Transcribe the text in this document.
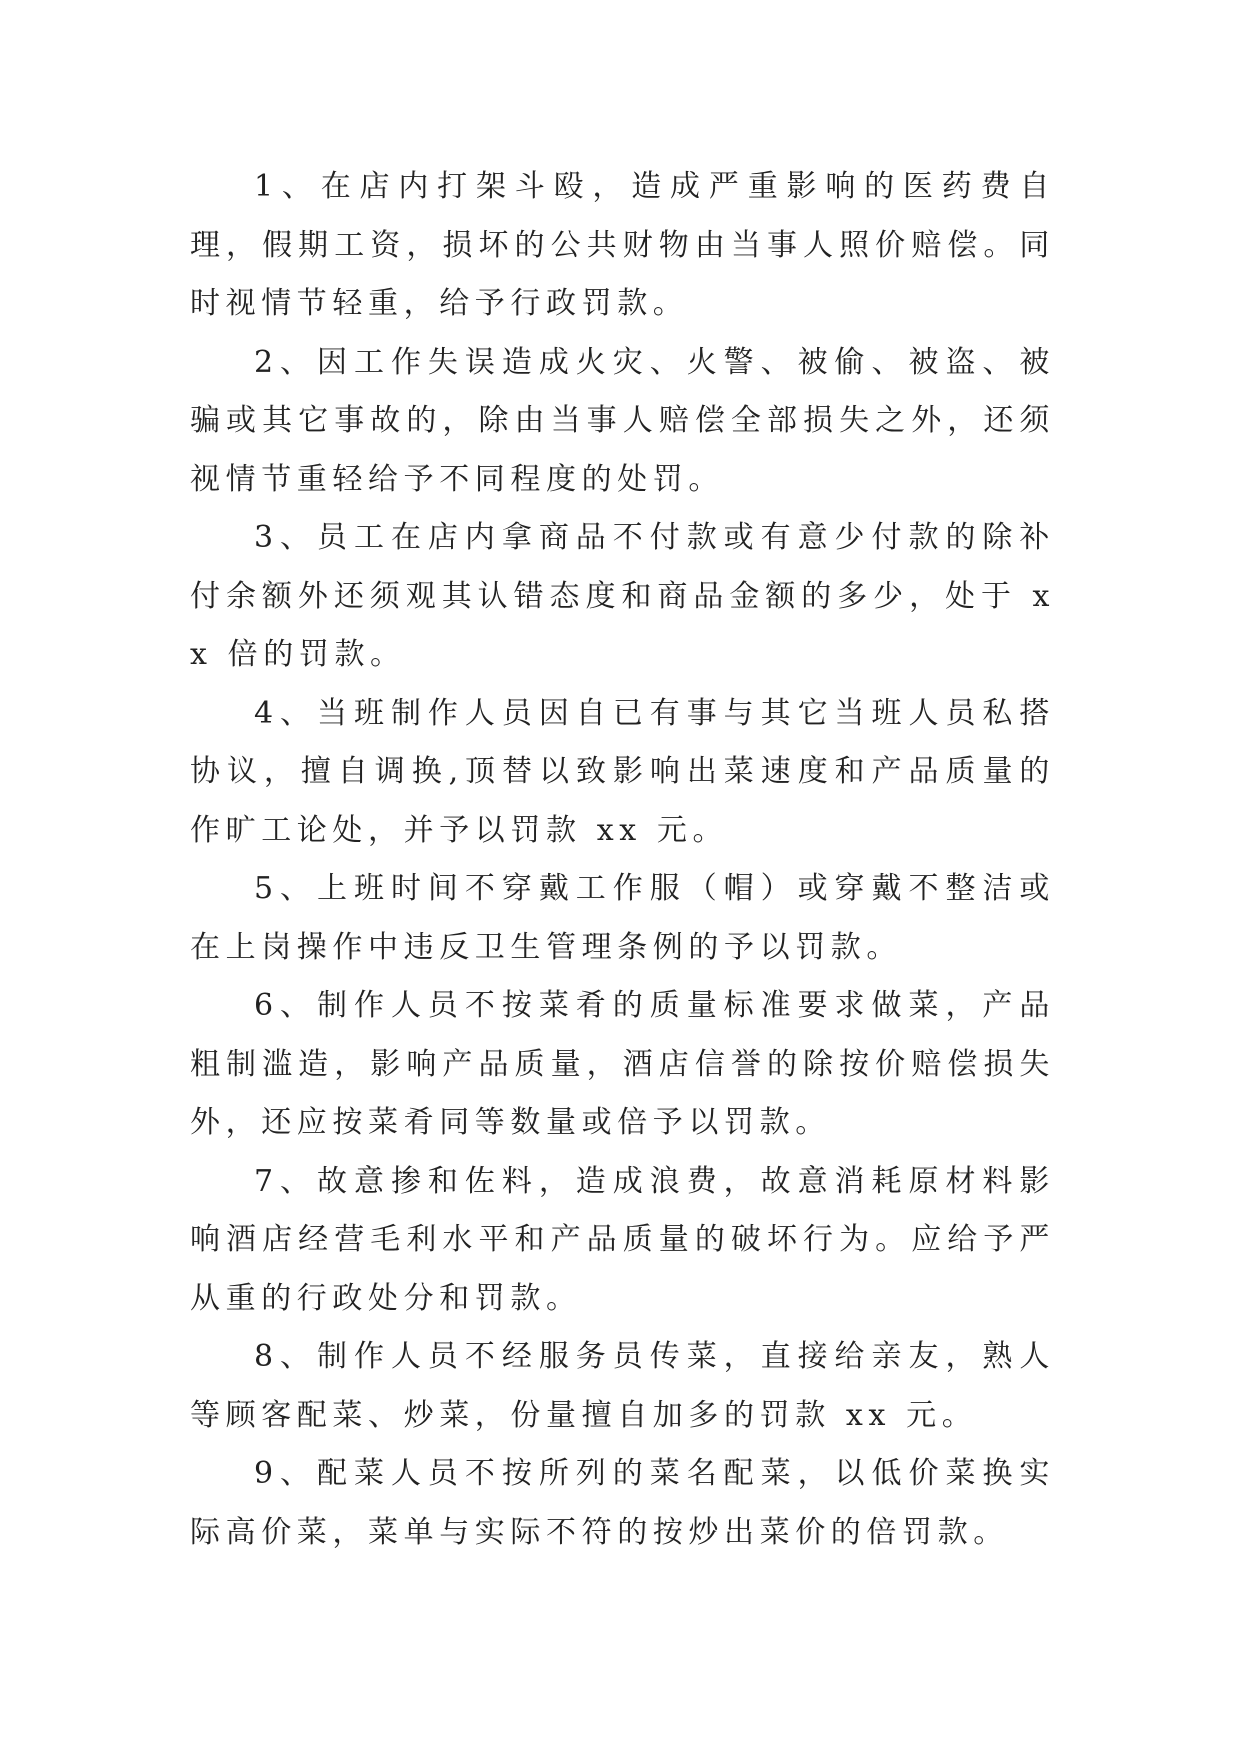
1、在店内打架斗殴，造成严重影响的医药费自理，假期工资，损坏的公共财物由当事人照价赔偿。同时视情节轻重，给予行政罚款。

2、因工作失误造成火灾、火警、被偷、被盗、被骗或其它事故的，除由当事人赔偿全部损失之外，还须视情节重轻给予不同程度的处罚。

3、员工在店内拿商品不付款或有意少付款的除补付余额外还须观其认错态度和商品金额的多少，处于 xx 倍的罚款。

4、当班制作人员因自已有事与其它当班人员私搭协议，擅自调换,顶替以致影响出菜速度和产品质量的作旷工论处，并予以罚款 xx 元。

5、上班时间不穿戴工作服（帽）或穿戴不整洁或在上岗操作中违反卫生管理条例的予以罚款。

6、制作人员不按菜肴的质量标准要求做菜，产品粗制滥造，影响产品质量，酒店信誉的除按价赔偿损失外，还应按菜肴同等数量或倍予以罚款。

7、故意掺和佐料，造成浪费，故意消耗原材料影响酒店经营毛利水平和产品质量的破坏行为。应给予严从重的行政处分和罚款。

8、制作人员不经服务员传菜，直接给亲友，熟人等顾客配菜、炒菜，份量擅自加多的罚款 xx 元。

9、配菜人员不按所列的菜名配菜，以低价菜换实际高价菜，菜单与实际不符的按炒出菜价的倍罚款。
